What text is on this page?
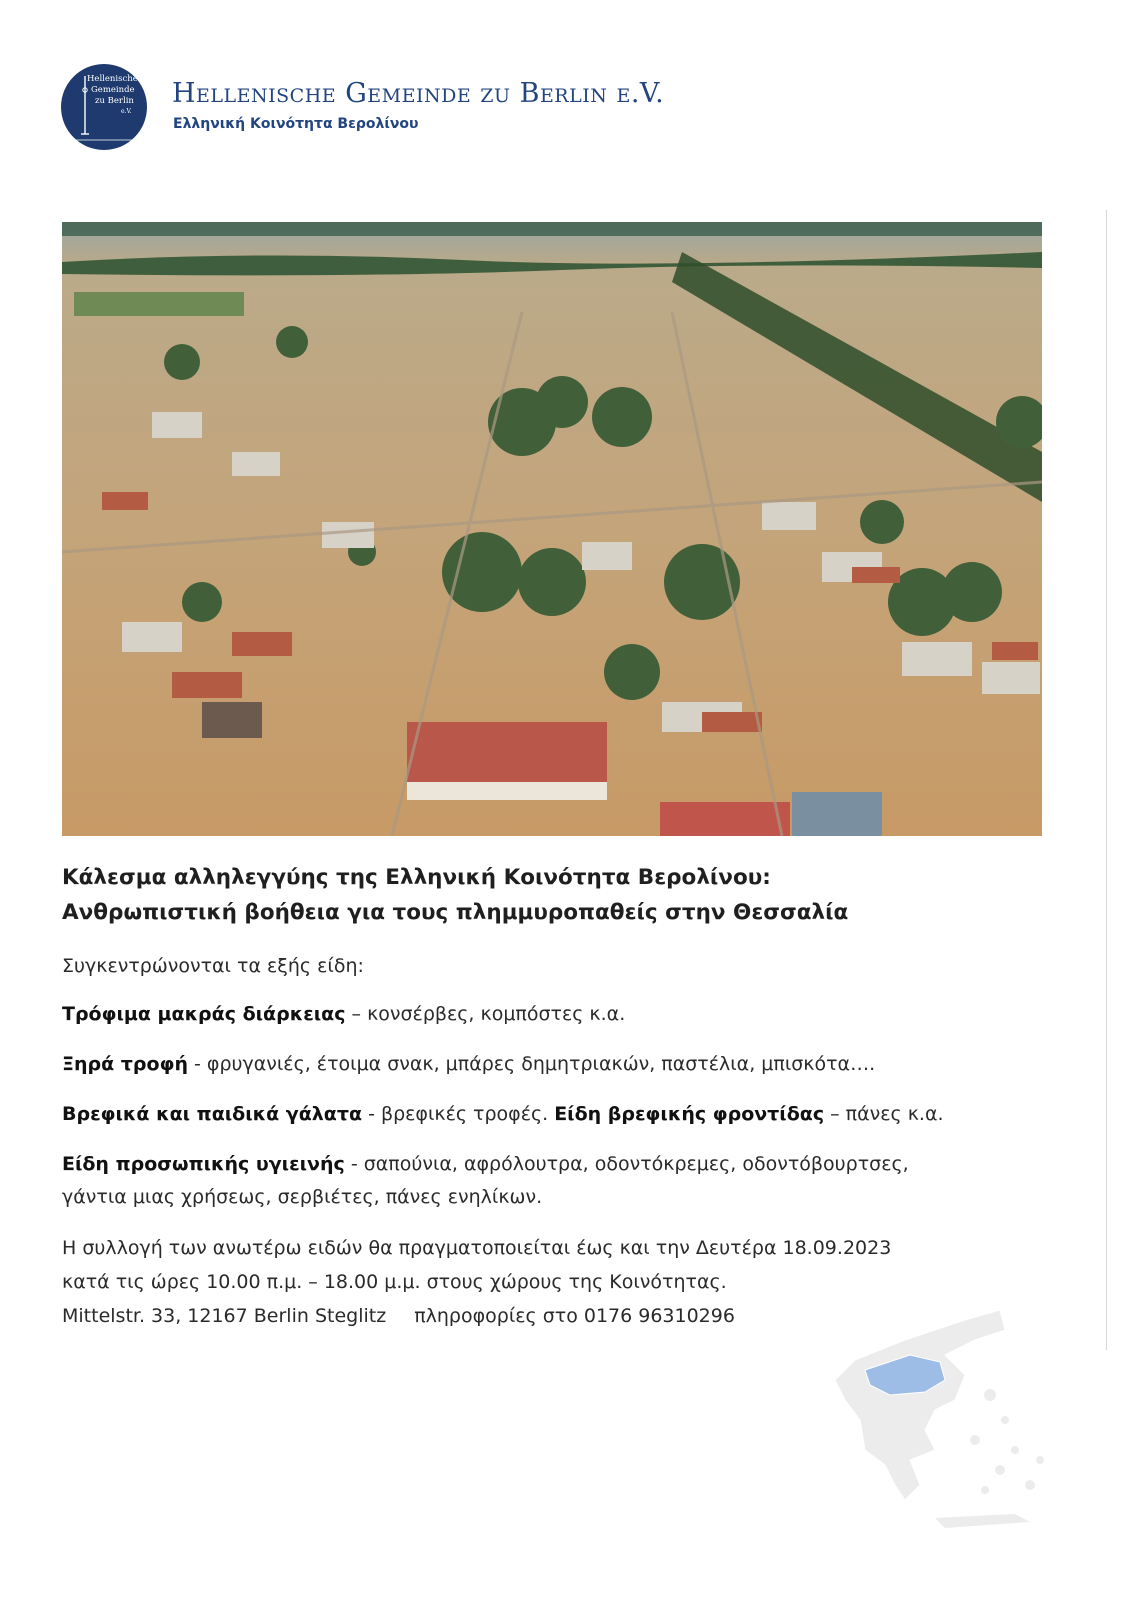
Hellenische
Gemeinde
zu Berlin
e.V.
Hellenische Gemeinde zu Berlin e.V.
Ελληνική Κοινότητα Βερολίνου
Κάλεσμα αλληλεγγύης της Ελληνική Κοινότητα Βερολίνου:
Ανθρωπιστική βοήθεια για τους πλημμυροπαθείς στην Θεσσαλία
Συγκεντρώνονται τα εξής είδη:
Τρόφιμα μακράς διάρκειας – κονσέρβες, κομπόστες κ.α.
Ξηρά τροφή - φρυγανιές, έτοιμα σνακ, μπάρες δημητριακών, παστέλια, μπισκότα….
Βρεφικά και παιδικά γάλατα - βρεφικές τροφές. Είδη βρεφικής φροντίδας – πάνες κ.α.
Είδη προσωπικής υγιεινής - σαπούνια, αφρόλουτρα, οδοντόκρεμες, οδοντόβουρτσες,
γάντια μιας χρήσεως, σερβιέτες, πάνες ενηλίκων.
Η συλλογή των ανωτέρω ειδών θα πραγματοποιείται έως και την Δευτέρα 18.09.2023
κατά τις ώρες 10.00 π.μ. – 18.00 μ.μ. στους χώρους της Κοινότητας.
Mittelstr. 33, 12167 Berlin Steglitz πληροφορίες στο 0176 96310296
